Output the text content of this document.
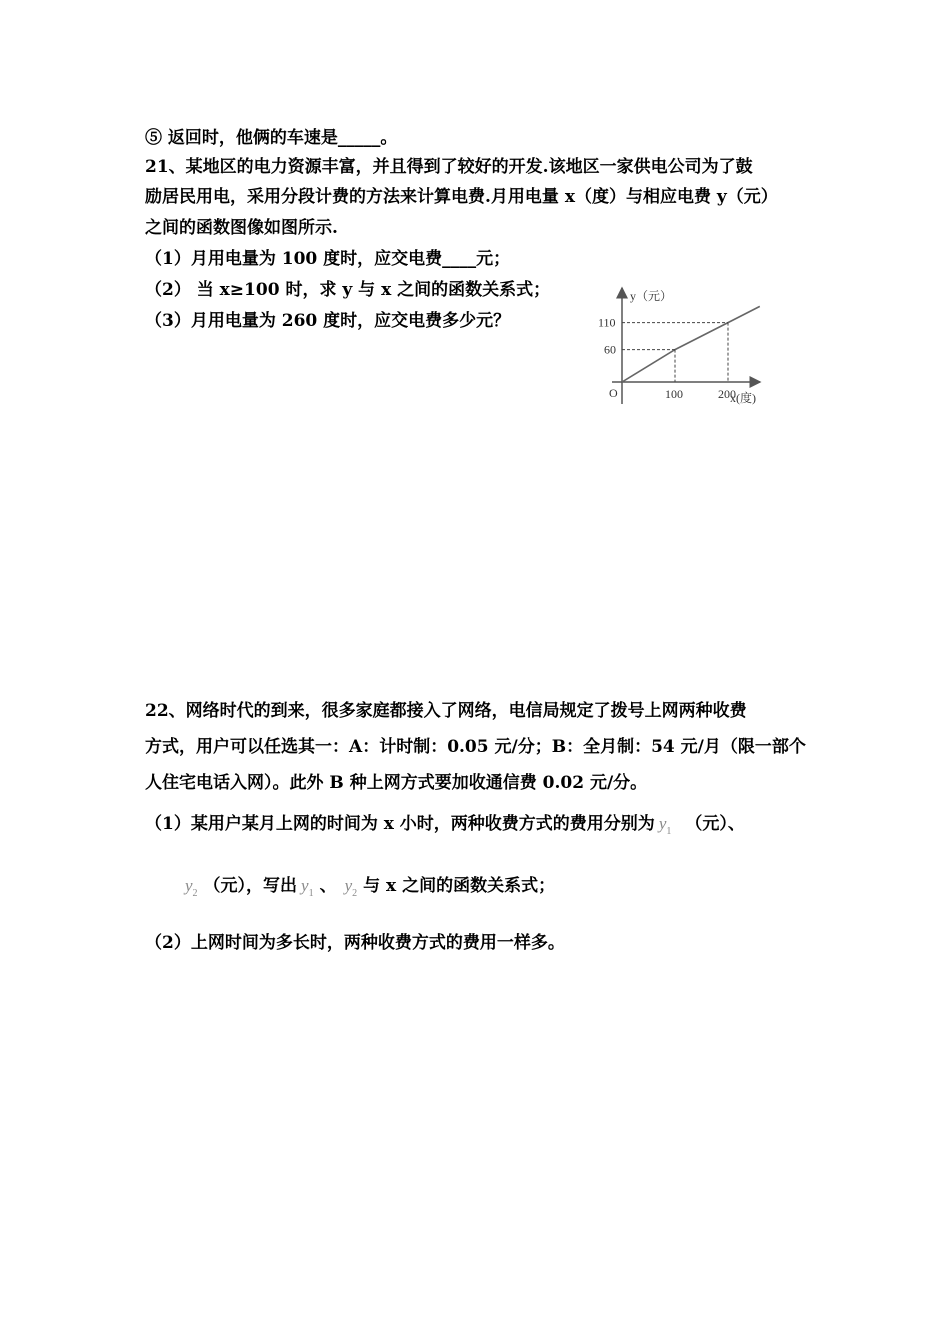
⑤ 返回时，他俩的车速是_____。
21、某地区的电力资源丰富，并且得到了较好的开发.该地区一家供电公司为了鼓
励居民用电，采用分段计费的方法来计算电费.月用电量 x（度）与相应电费 y（元）
之间的函数图像如图所示.
（1）月用电量为 100 度时，应交电费____元；
（2） 当 x≥100 时，求 y 与 x 之间的函数关系式；
（3）月用电量为 260 度时，应交电费多少元？
100
60
200
110
y（元）
x(度)
O
22、网络时代的到来，很多家庭都接入了网络，电信局规定了拨号上网两种收费
方式，用户可以任选其一：A：计时制：0.05 元/分；B：全月制：54 元/月（限一部个
人住宅电话入网）。此外 B 种上网方式要加收通信费 0.02 元/分。
（1）某用户某月上网的时间为 x 小时，两种收费方式的费用分别为 $y_1$ （元）、
$y_2$ （元），写出 $y_1$ 、 $y_2$ 与 x 之间的函数关系式；
（2）上网时间为多长时，两种收费方式的费用一样多。
